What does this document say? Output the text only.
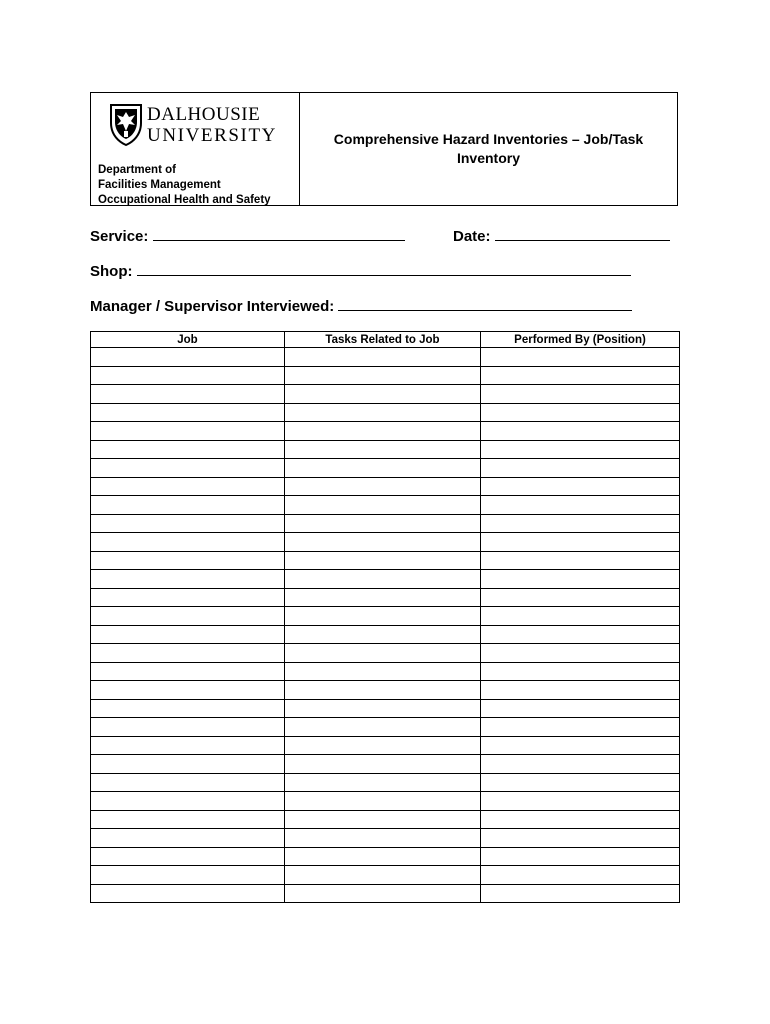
DALHOUSIE
UNIVERSITY
Department of
Facilities Management
Occupational Health and Safety
Comprehensive Hazard Inventories – Job/Task
Inventory
Service:	Date:
Shop:
Manager / Supervisor Interviewed:
Job	Tasks Related to Job	Performed By (Position)
